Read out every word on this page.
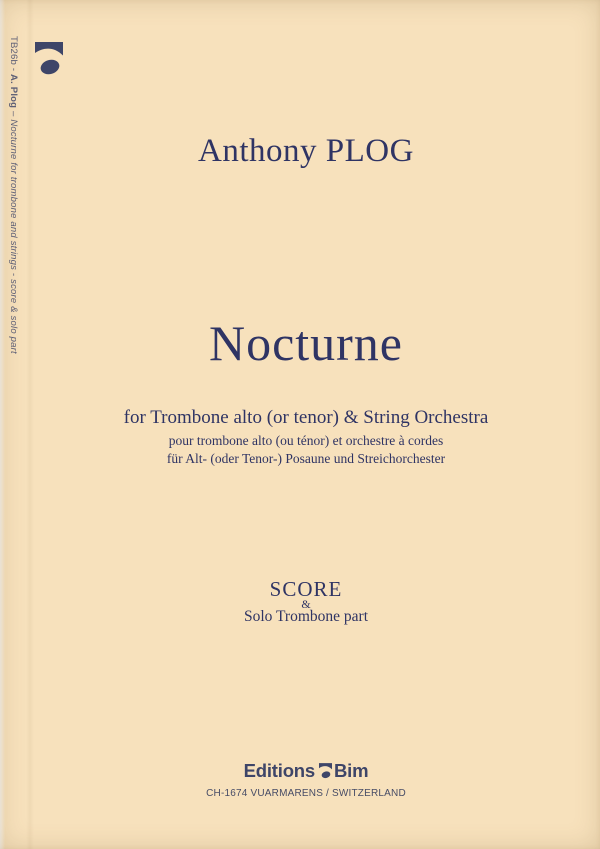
TB26b - A. Plog – Nocturne for trombone and strings - score & solo part	Anthony PLOG
Nocturne
for Trombone alto (or tenor) & String Orchestra
pour trombone alto (ou ténor) et orchestre à cordes
für Alt- (oder Tenor-) Posaune und Streichorchester
SCORE
&
Solo Trombone part
Editions Bim
CH-1674 VUARMARENS / SWITZERLAND
